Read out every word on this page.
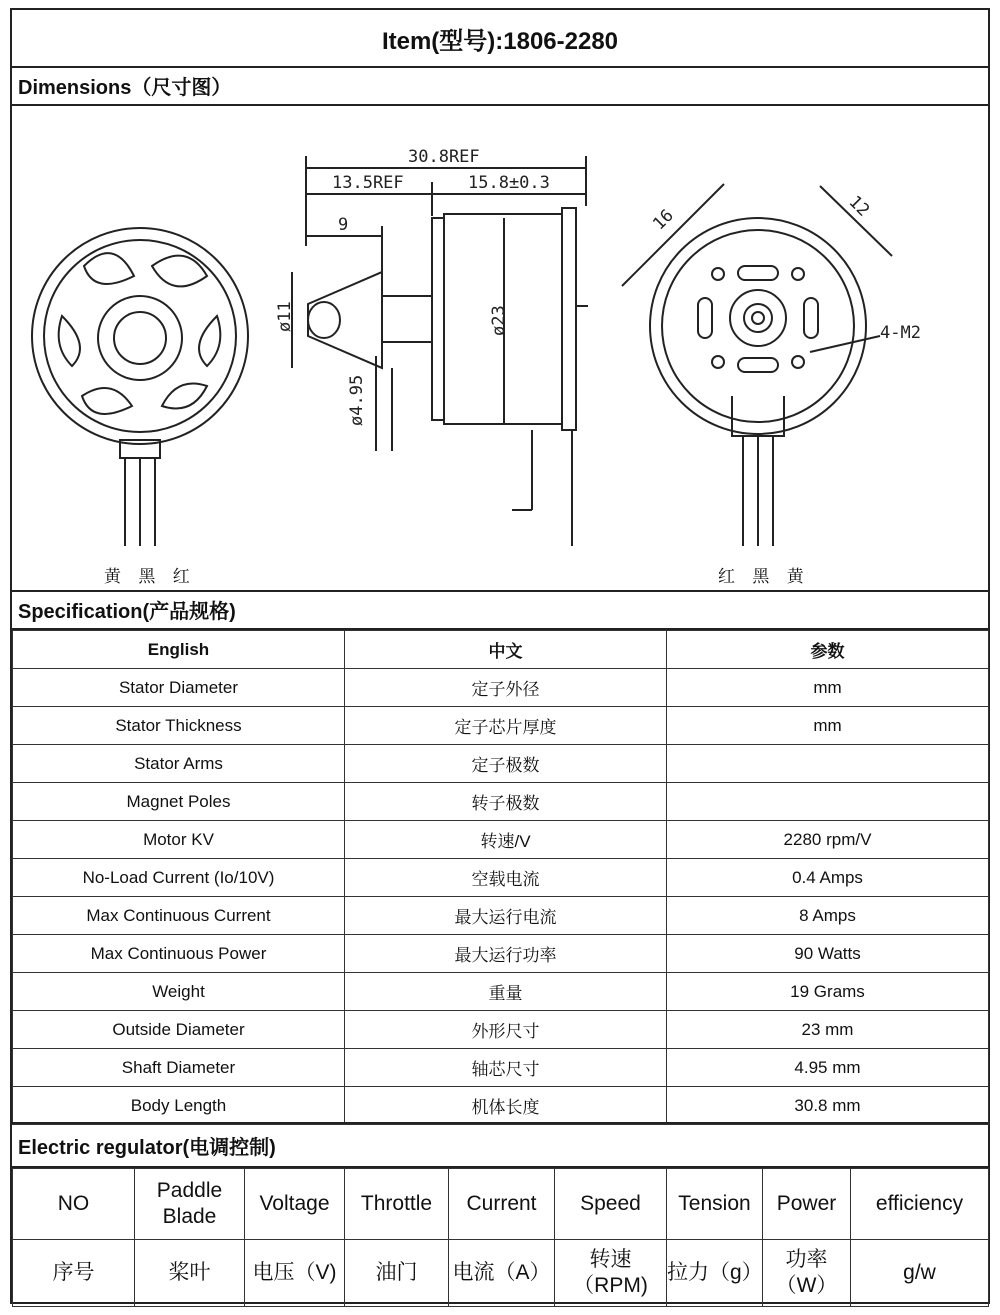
Item(型号):1806-2280
Dimensions（尺寸图）
30.8REF
13.5REF	15.8±0.3
9
ø11	ø23
ø4.95
16	12
4-M2
黄 黑 红	红 黑 黄
Specification(产品规格)
English	中文	参数
Stator Diameter	定子外径	mm
Stator Thickness	定子芯片厚度	mm
Stator Arms	定子极数	
Magnet Poles	转子极数	
Motor KV	转速/V	2280 rpm/V
No-Load Current (Io/10V)	空载电流	0.4 Amps
Max Continuous Current	最大运行电流	8 Amps
Max Continuous Power	最大运行功率	90 Watts
Weight	重量	19 Grams
Outside Diameter	外形尺寸	23 mm
Shaft Diameter	轴芯尺寸	4.95 mm
Body Length	机体长度	30.8 mm
Electric regulator(电调控制)
NO	Paddle Blade	Voltage	Throttle	Current	Speed	Tension	Power	efficiency
序号	桨叶	电压（V)	油门	电流（A）	转速（RPM)	拉力（g）	功率（W）	g/w
